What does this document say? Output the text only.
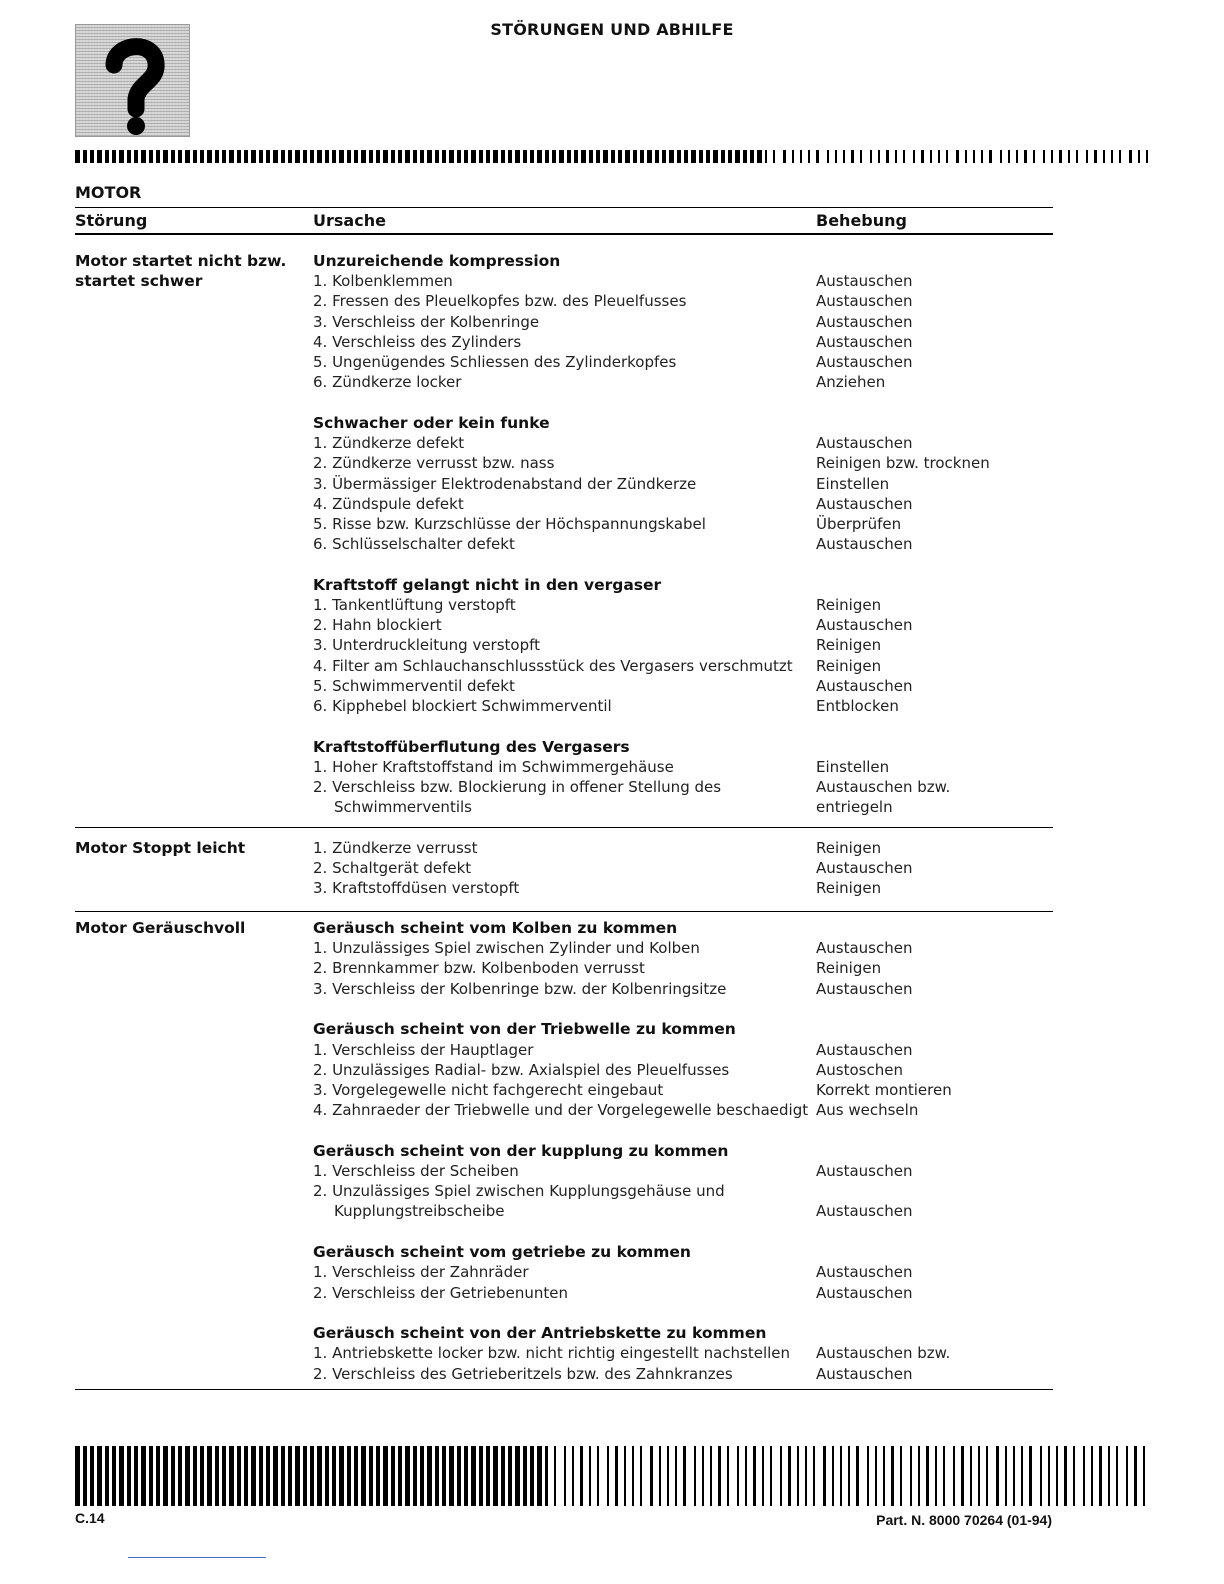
STÖRUNGEN UND ABHILFE
MOTOR
Störung	Ursache	Behebung
Motor startet nicht bzw. startet schwer
Unzureichende kompression
1. Kolbenklemmen	Austauschen
2. Fressen des Pleuelkopfes bzw. des Pleuelfusses	Austauschen
3. Verschleiss der Kolbenringe	Austauschen
4. Verschleiss des Zylinders	Austauschen
5. Ungenügendes Schliessen des Zylinderkopfes	Austauschen
6. Zündkerze locker	Anziehen
Schwacher oder kein funke
1. Zündkerze defekt	Austauschen
2. Zündkerze verrusst bzw. nass	Reinigen bzw. trocknen
3. Übermässiger Elektrodenabstand der Zündkerze	Einstellen
4. Zündspule defekt	Austauschen
5. Risse bzw. Kurzschlüsse der Höchspannungskabel	Überprüfen
6. Schlüsselschalter defekt	Austauschen
Kraftstoff gelangt nicht in den vergaser
1. Tankentlüftung verstopft	Reinigen
2. Hahn blockiert	Austauschen
3. Unterdruckleitung verstopft	Reinigen
4. Filter am Schlauchanschlussstück des Vergasers verschmutzt Reinigen
5. Schwimmerventil defekt	Austauschen
6. Kipphebel blockiert Schwimmerventil	Entblocken
Kraftstoffüberflutung des Vergasers
1. Hoher Kraftstoffstand im Schwimmergehäuse	Einstellen
2. Verschleiss bzw. Blockierung in offener Stellung des	Austauschen bzw.
Schwimmerventils	entriegeln
Motor Stoppt leicht	1. Zündkerze verrusst	Reinigen
2. Schaltgerät defekt	Austauschen
3. Kraftstoffdüsen verstopft	Reinigen
Motor Geräuschvoll	Geräusch scheint vom Kolben zu kommen
1. Unzulässiges Spiel zwischen Zylinder und Kolben	Austauschen
2. Brennkammer bzw. Kolbenboden verrusst	Reinigen
3. Verschleiss der Kolbenringe bzw. der Kolbenringsitze	Austauschen
Geräusch scheint von der Triebwelle zu kommen
1. Verschleiss der Hauptlager	Austauschen
2. Unzulässiges Radial- bzw. Axialspiel des Pleuelfusses	Austoschen
3. Vorgelegewelle nicht fachgerecht eingebaut	Korrekt montieren
4. Zahnraeder der Triebwelle und der Vorgelegewelle beschaedigt Aus wechseln
Geräusch scheint von der kupplung zu kommen
1. Verschleiss der Scheiben	Austauschen
2. Unzulässiges Spiel zwischen Kupplungsgehäuse und
Kupplungstreibscheibe	Austauschen
Geräusch scheint vom getriebe zu kommen
1. Verschleiss der Zahnräder	Austauschen
2. Verschleiss der Getriebenunten	Austauschen
Geräusch scheint von der Antriebskette zu kommen
1. Antriebskette locker bzw. nicht richtig eingestellt nachstellen Austauschen bzw.
2. Verschleiss des Getrieberitzels bzw. des Zahnkranzes	Austauschen
C.14	Part. N. 8000 70264 (01-94)
